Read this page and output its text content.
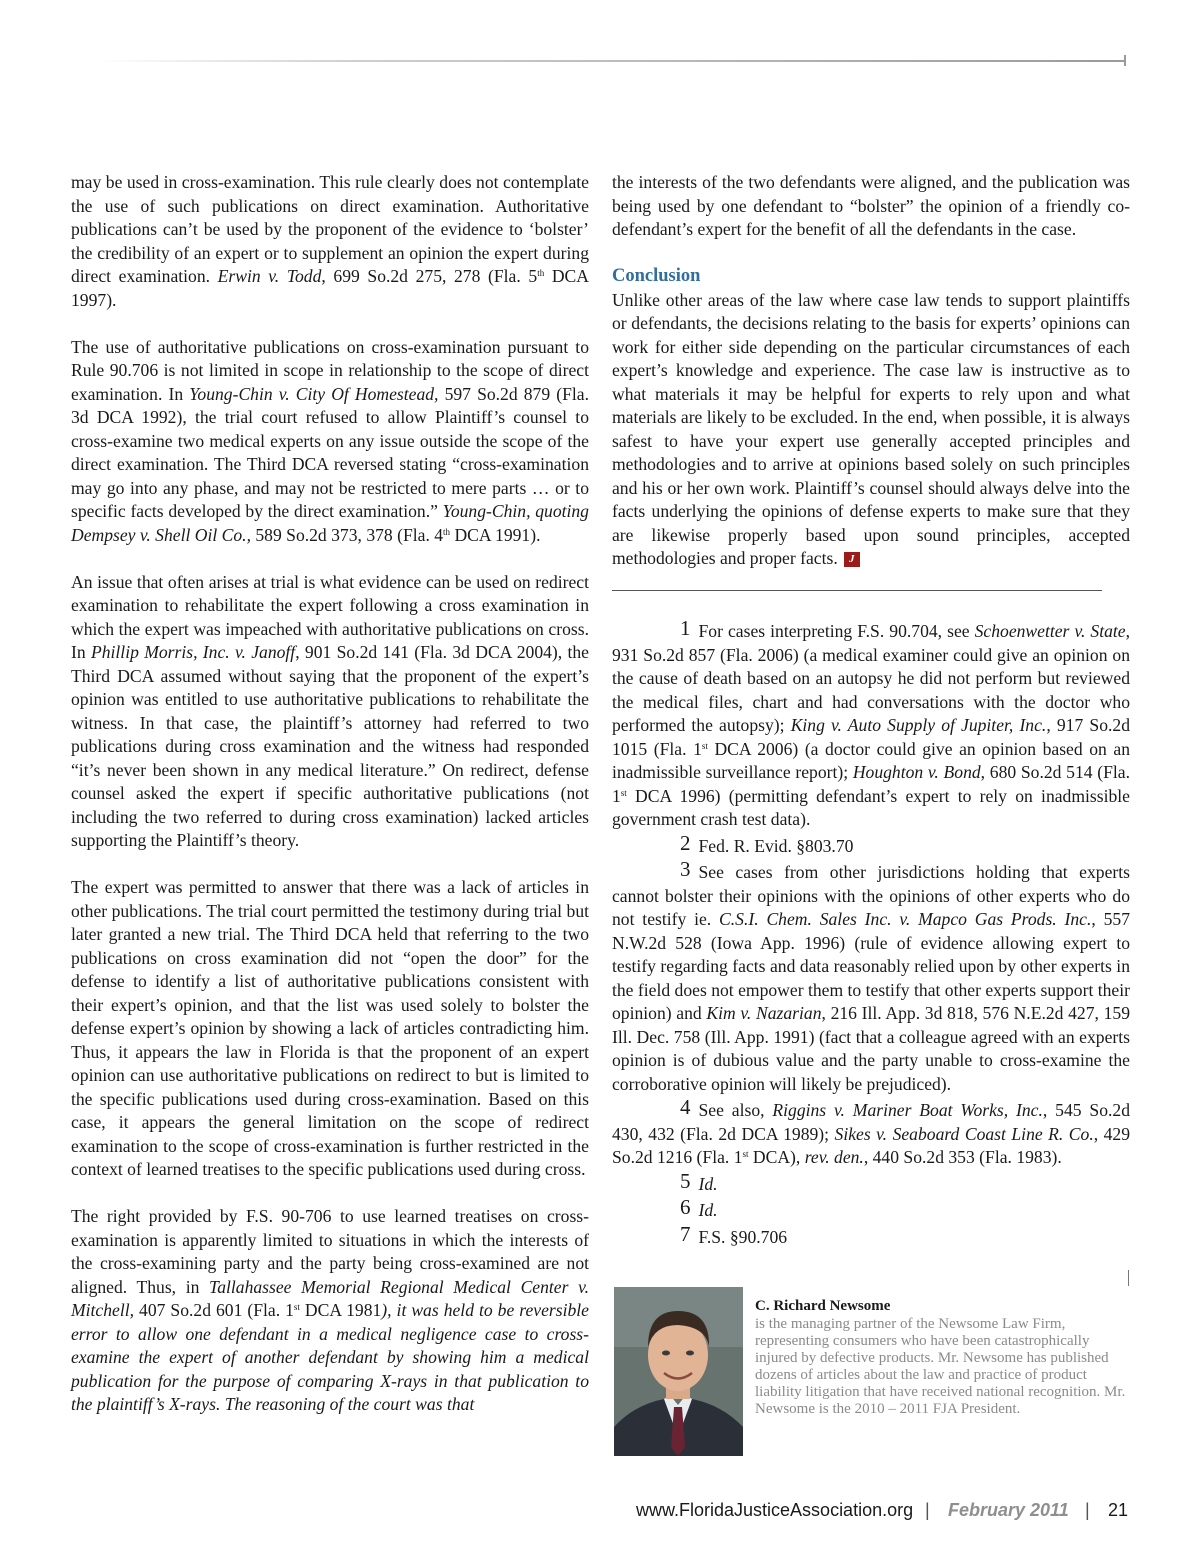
may be used in cross-examination. This rule clearly does not contemplate the use of such publications on direct examination. Authoritative publications can’t be used by the proponent of the evidence to ‘bolster’ the credibility of an expert or to supplement an opinion the expert during direct examination. Erwin v. Todd, 699 So.2d 275, 278 (Fla. 5th DCA 1997).

The use of authoritative publications on cross-examination pursuant to Rule 90.706 is not limited in scope in relationship to the scope of direct examination. In Young-Chin v. City Of Homestead, 597 So.2d 879 (Fla. 3d DCA 1992), the trial court refused to allow Plaintiff’s counsel to cross-examine two medical experts on any issue outside the scope of the direct examination. The Third DCA reversed stating “cross-examination may go into any phase, and may not be restricted to mere parts … or to specific facts developed by the direct examination.” Young-Chin, quoting Dempsey v. Shell Oil Co., 589 So.2d 373, 378 (Fla. 4th DCA 1991).

An issue that often arises at trial is what evidence can be used on redirect examination to rehabilitate the expert following a cross examination in which the expert was impeached with authoritative publications on cross. In Phillip Morris, Inc. v. Janoff, 901 So.2d 141 (Fla. 3d DCA 2004), the Third DCA assumed without saying that the proponent of the expert’s opinion was entitled to use authoritative publications to rehabilitate the witness. In that case, the plaintiff’s attorney had referred to two publications during cross examination and the witness had responded “it’s never been shown in any medical literature.” On redirect, defense counsel asked the expert if specific authoritative publications (not including the two referred to during cross examination) lacked articles supporting the Plaintiff’s theory.

The expert was permitted to answer that there was a lack of articles in other publications. The trial court permitted the testimony during trial but later granted a new trial. The Third DCA held that referring to the two publications on cross examination did not “open the door” for the defense to identify a list of authoritative publications consistent with their expert’s opinion, and that the list was used solely to bolster the defense expert’s opinion by showing a lack of articles contradicting him. Thus, it appears the law in Florida is that the proponent of an expert opinion can use authoritative publications on redirect to but is limited to the specific publications used during cross-examination. Based on this case, it appears the general limitation on the scope of redirect examination to the scope of cross-examination is further restricted in the context of learned treatises to the specific publications used during cross.

The right provided by F.S. 90-706 to use learned treatises on cross-examination is apparently limited to situations in which the interests of the cross-examining party and the party being cross-examined are not aligned. Thus, in Tallahassee Memorial Regional Medical Center v. Mitchell, 407 So.2d 601 (Fla. 1st DCA 1981), it was held to be reversible error to allow one defendant in a medical negligence case to cross-examine the expert of another defendant by showing him a medical publication for the purpose of comparing X-rays in that publication to the plaintiff’s X-rays. The reasoning of the court was that

the interests of the two defendants were aligned, and the publication was being used by one defendant to “bolster” the opinion of a friendly co-defendant’s expert for the benefit of all the defendants in the case.

Conclusion

Unlike other areas of the law where case law tends to support plaintiffs or defendants, the decisions relating to the basis for experts’ opinions can work for either side depending on the particular circumstances of each expert’s knowledge and experience. The case law is instructive as to what materials it may be helpful for experts to rely upon and what materials are likely to be excluded. In the end, when possible, it is always safest to have your expert use generally accepted principles and methodologies and to arrive at opinions based solely on such principles and his or her own work. Plaintiff’s counsel should always delve into the facts underlying the opinions of defense experts to make sure that they are likewise properly based upon sound principles, accepted methodologies and proper facts. J

1 For cases interpreting F.S. 90.704, see Schoenwetter v. State, 931 So.2d 857 (Fla. 2006) (a medical examiner could give an opinion on the cause of death based on an autopsy he did not perform but reviewed the medical files, chart and had conversations with the doctor who performed the autopsy); King v. Auto Supply of Jupiter, Inc., 917 So.2d 1015 (Fla. 1st DCA 2006) (a doctor could give an opinion based on an inadmissible surveillance report); Houghton v. Bond, 680 So.2d 514 (Fla. 1st DCA 1996) (permitting defendant’s expert to rely on inadmissible government crash test data).

2 Fed. R. Evid. §803.70

3 See cases from other jurisdictions holding that experts cannot bolster their opinions with the opinions of other experts who do not testify ie. C.S.I. Chem. Sales Inc. v. Mapco Gas Prods. Inc., 557 N.W.2d 528 (Iowa App. 1996) (rule of evidence allowing expert to testify regarding facts and data reasonably relied upon by other experts in the field does not empower them to testify that other experts support their opinion) and Kim v. Nazarian, 216 Ill. App. 3d 818, 576 N.E.2d 427, 159 Ill. Dec. 758 (Ill. App. 1991) (fact that a colleague agreed with an experts opinion is of dubious value and the party unable to cross-examine the corroborative opinion will likely be prejudiced).

4 See also, Riggins v. Mariner Boat Works, Inc., 545 So.2d 430, 432 (Fla. 2d DCA 1989); Sikes v. Seaboard Coast Line R. Co., 429 So.2d 1216 (Fla. 1st DCA), rev. den., 440 So.2d 353 (Fla. 1983).

5 Id.

6 Id.

7 F.S. §90.706

C. Richard Newsome
is the managing partner of the Newsome Law Firm, representing consumers who have been catastrophically injured by defective products. Mr. Newsome has published dozens of articles about the law and practice of product liability litigation that have received national recognition. Mr. Newsome is the 2010 – 2011 FJA President.
www.FloridaJusticeAssociation.org | February 2011 | 21
